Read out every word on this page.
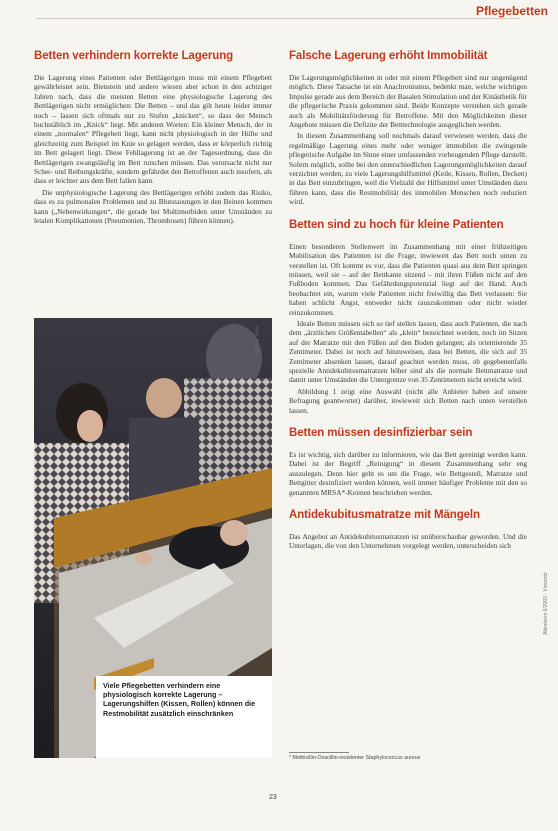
Pflegebetten
Betten verhindern korrekte Lagerung

Die Lagerung eines Patienten oder Bettlägerigen muss mit einem Pflegebett gewährleistet sein. Bienstein und andere wiesen aber schon in den achtziger Jahren nach, dass die meisten Betten eine physiologische Lagerung des Bettlägerigen nicht ermöglichen: Die Betten – und das gilt heute leider immer noch – lassen sich oftmals nur zu Stufen „knicken“, so dass der Mensch buchstäblich im „Knick“ liegt. Mit anderen Worten: Ein kleiner Mensch, der in einem „normalen“ Pflegebett liegt, kann nicht physiologisch in der Hüfte und gleichzeitig zum Beispiel im Knie so gelagert werden, dass er körperlich richtig im Bett gelagert liegt. Diese Fehllagerung ist an der Tagesordnung, dass die Bettlägerigen zwangsläufig im Bett rutschen müssen. Das verursacht nicht nur Scher- und Reibungskräfte, sondern gefährdet den Betroffenen auch insofern, als dass er leichter aus dem Bett fallen kann.

Die unphysiologische Lagerung des Bettlägerigen erhöht zudem das Risiko, dass es zu pulmonalen Problemen und zu Blutstauungen in den Beinen kommen kann („Nebenwirkungen“, die gerade bei Multimorbiden unter Umständen zu letalen Komplikationen (Pneumonien, Thrombosen) führen können).

Foto: Amade
Viele Pflegebetten verhindern eine physiologisch korrekte Lagerung – Lagerungshilfen (Kissen, Rollen) können die Restmobilität zusätzlich einschränken
Falsche Lagerung erhöht Immobilität

Die Lagerungsmöglichkeiten in oder mit einem Pflegebett sind nur ungenügend möglich. Diese Tatsache ist ein Anachronismus, bedenkt man, welche wichtigen Impulse gerade aus dem Bereich der Basalen Stimulation und der Kinästhetik für die pflegerische Praxis gekommen sind. Beide Konzepte verstehen sich gerade auch als Mobilitätsförderung für Betroffene. Mit den Möglichkeiten dieser Angebote müssen die Defizite der Betttechnologie ausgeglichen werden.

In diesem Zusammenhang soll nochmals darauf verwiesen werden, dass die regelmäßige Lagerung eines mehr oder weniger immobilen die zwingende pflegerische Aufgabe im Sinne einer umfassenden vorbeugenden Pflege darstellt. Sofern möglich, sollte bei den unterschiedlichen Lagerungsmöglichkeiten darauf verzichtet werden, zu viele Lagerungshilfsmittel (Keile, Kissen, Rollen, Decken) in das Bett einzubringen, weil die Vielzahl der Hilfsmittel unter Umständen dazu führen kann, dass die Restmobilität des immobilen Menschen noch reduziert wird.

Betten sind zu hoch für kleine Patienten

Einen besonderen Stellenwert im Zusammenhang mit einer frühzeitigen Mobilisation des Patienten ist die Frage, inwieweit das Bett noch unten zu verstellen ist. Oft kommt es vor, dass die Patienten quasi aus dem Bett springen müssen, weil sie – auf der Bettkante sitzend – mit ihren Füßen nicht auf den Fußboden kommen. Das Gefährdungspotenzial liegt auf der Hand. Auch beobachtet ein, warum viele Patienten nicht freiwillig das Bett verlassen: Sie haben schlicht Angst, entweder nicht rauszukommen oder nicht wieder reinzukommen.

Ideale Betten müssen sich so tief stellen lassen, dass auch Patienten, die nach dem „ärztlichen Größentabellen“ als „klein“ bezeichnet werden, noch im Sitzen auf der Matratze mit den Füßen auf den Boden gelangen; als orientierende 35 Zentimeter. Dabei ist noch auf hinzuweisen, dass bei Betten, die sich auf 35 Zentimeter absenken lassen, darauf geachtet werden muss, ob gegebenenfalls spezielle Antidekubitusmatratzen höher sind als die normale Bettmatratze und damit unter Umständen die Untergrenze von 35 Zentimetern nicht erreicht wird.

Abbildung 1 zeigt eine Auswahl (nicht alle Anbieter haben auf unsere Befragung geantwortet) darüber, inwieweit sich Betten nach unten verstellen lassen.

Betten müssen desinfizierbar sein

Es ist wichtig, sich darüber zu informieren, wie das Bett gereinigt werden kann. Dabei ist der Begriff „Reinigung“ in diesem Zusammenhang sehr eng auszulegen. Denn hier geht es um die Frage, wie Bettgestell, Matratze und Bettgitter desinfiziert werden können, weil immer häufiger Probleme mit den so genannten MRSA*-Keimen beschrieben werden.

Antidekubitusmatratze mit Mängeln

Das Angebot an Antidekubitusmatratzen ist unüberschaubar geworden. Und die Unterlagen, die von den Unternehmen vorgelegt werden, unterscheiden sich

* Methicillin-Oxacillin-resistenter Staphylococcus aureus
23
Altenheim 6/2003 · Vincentz
